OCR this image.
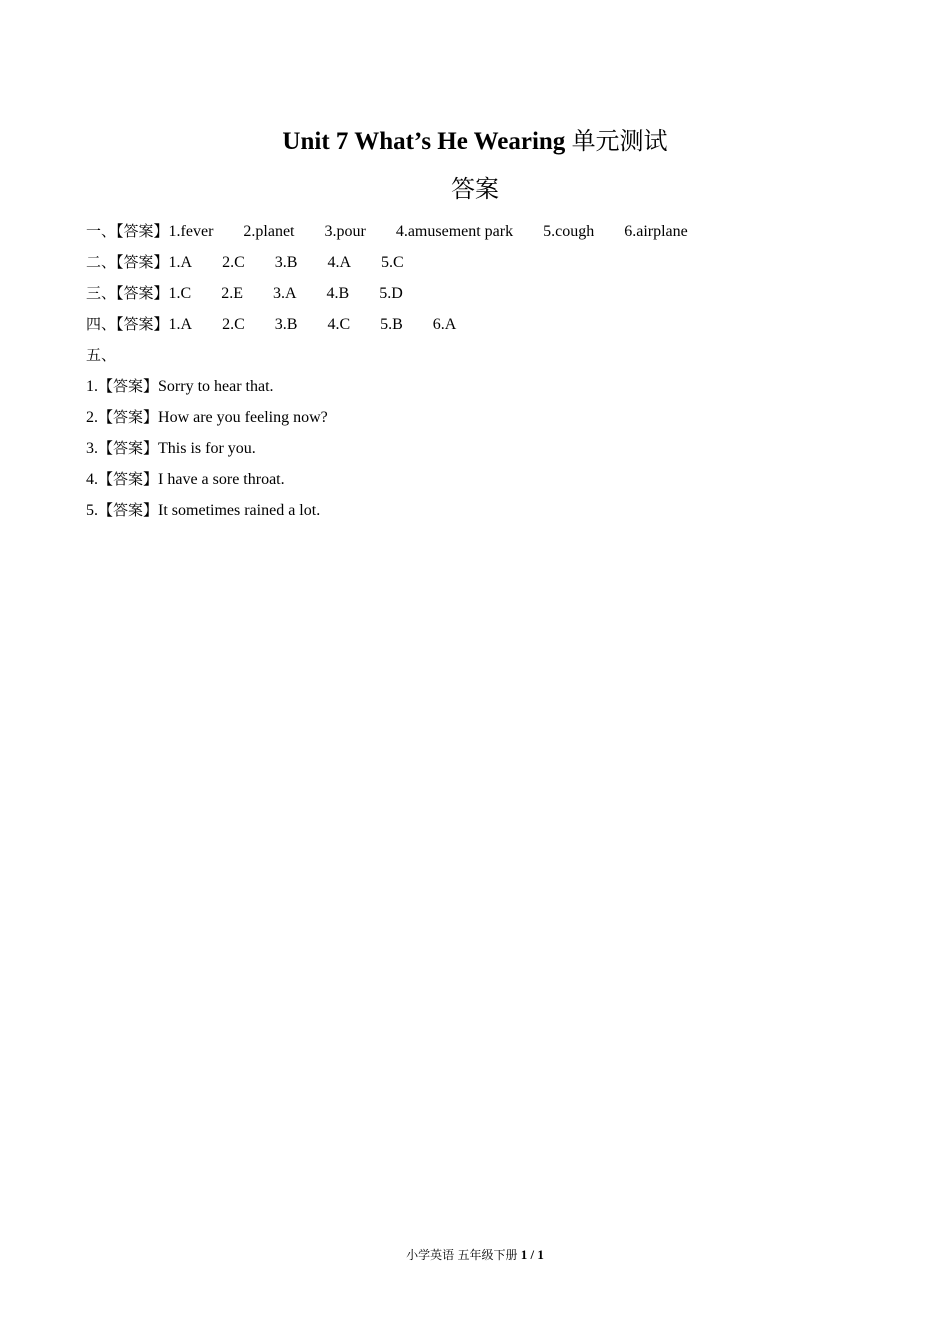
Unit 7 What’s He Wearing 单元测试
答案
一、【答案】1.fever 2.planet 3.pour 4.amusement park 5.cough 6.airplane
二、【答案】1.A 2.C 3.B 4.A 5.C
三、【答案】1.C 2.E 3.A 4.B 5.D
四、【答案】1.A 2.C 3.B 4.C 5.B 6.A
五、
1.【答案】Sorry to hear that.
2.【答案】How are you feeling now?
3.【答案】This is for you.
4.【答案】I have a sore throat.
5.【答案】It sometimes rained a lot.
小学英语 五年级下册 1 / 1
